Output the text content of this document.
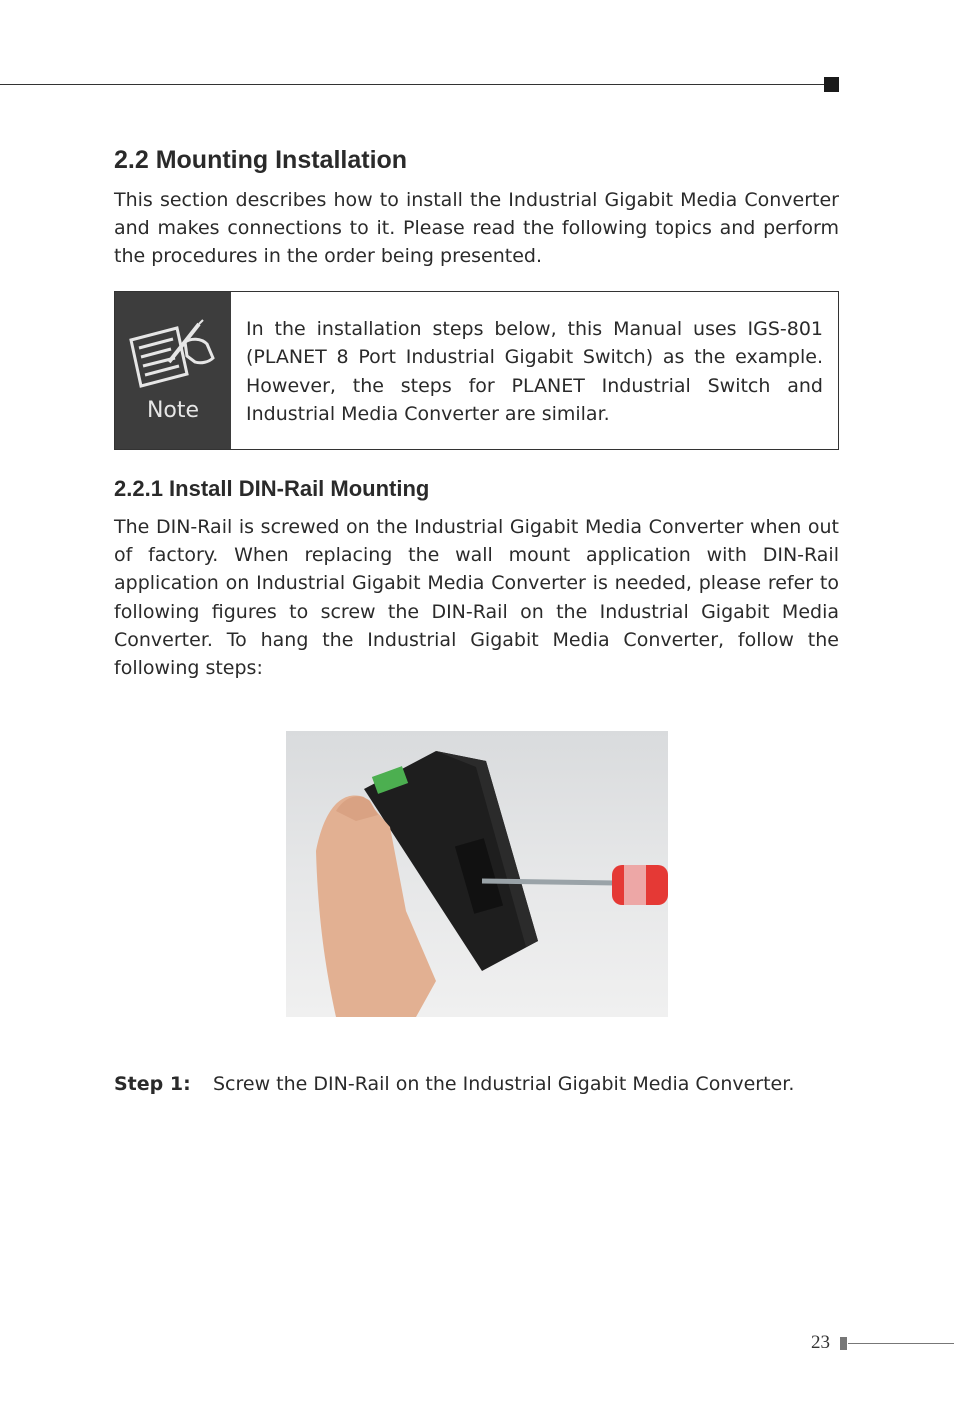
2.2 Mounting Installation

This section describes how to install the Industrial Gigabit Media Converter and makes connections to it. Please read the following topics and perform the procedures in the order being presented.

Note

In the installation steps below, this Manual uses IGS-801 (PLANET 8 Port Industrial Gigabit Switch) as the example. However, the steps for PLANET Industrial Switch and Industrial Media Converter are similar.

2.2.1 Install DIN-Rail Mounting

The DIN-Rail is screwed on the Industrial Gigabit Media Converter when out of factory. When replacing the wall mount application with DIN-Rail application on Industrial Gigabit Media Converter is needed, please refer to following ﬁgures to screw the DIN-Rail on the Industrial Gigabit Media Converter. To hang the Industrial Gigabit Media Converter, follow the following steps:

Step 1: Screw the DIN-Rail on the Industrial Gigabit Media Converter.
23
